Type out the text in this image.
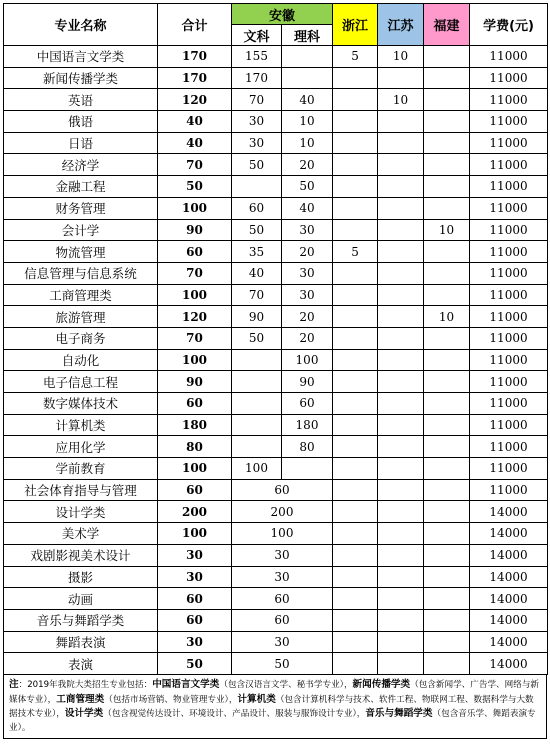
专业名称	合计	安徽		浙江	江苏	福建	学费(元)
		文科	理科				
中国语言文学类	170	155		5	10		11000
新闻传播学类	170	170					11000
英语	120	70	40		10		11000
俄语	40	30	10				11000
日语	40	30	10				11000
经济学	70	50	20				11000
金融工程	50		50				11000
财务管理	100	60	40				11000
会计学	90	50	30			10	11000
物流管理	60	35	20	5			11000
信息管理与信息系统	70	40	30				11000
工商管理类	100	70	30				11000
旅游管理	120	90	20			10	11000
电子商务	70	50	20				11000
自动化	100		100				11000
电子信息工程	90		90				11000
数字媒体技术	60		60				11000
计算机类	180		180				11000
应用化学	80		80				11000
学前教育	100	100					11000
社会体育指导与管理	60	60					11000
设计学类	200	200					14000
美术学	100	100					14000
戏剧影视美术设计	30	30					14000
摄影	30	30					14000
动画	60	60					14000
音乐与舞蹈学类	60	60					14000
舞蹈表演	30	30					14000
表演	50	50					14000
注：2019年我院大类招生专业包括：中国语言文学类（包含汉语言文学、秘书学专业），新闻传播学类（包含新闻学、广告学、网络与新媒体专业），工商管理类（包括市场营销、物业管理专业），计算机类（包含计算机科学与技术、软件工程、物联网工程、数据科学与大数据技术专业），设计学类（包含视觉传达设计、环境设计、产品设计、服装与服饰设计专业），音乐与舞蹈学类（包含音乐学、舞蹈表演专业）。
